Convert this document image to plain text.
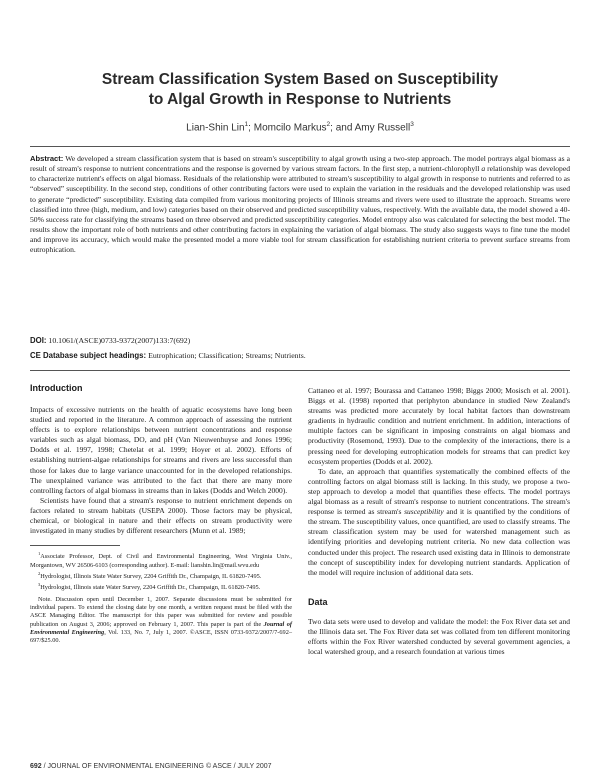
Stream Classification System Based on Susceptibility
to Algal Growth in Response to Nutrients
Lian-Shin Lin$^1$; Momcilo Markus$^2$; and Amy Russell$^3$

Abstract: We developed a stream classification system that is based on stream's susceptibility to algal growth using a two-step approach. The model portrays algal biomass as a result of stream's response to nutrient concentrations and the response is governed by various stream factors. In the first step, a nutrient-chlorophyll a relationship was developed to characterize nutrient's effects on algal biomass. Residuals of the relationship were attributed to stream's susceptibility to algal growth in response to nutrients and referred to as “observed” susceptibility. In the second step, conditions of other contributing factors were used to explain the variation in the residuals and the developed relationship was used to generate “predicted” susceptibility. Existing data compiled from various monitoring projects of Illinois streams and rivers were used to illustrate the approach. Streams were classified into three (high, medium, and low) categories based on their observed and predicted susceptibility values, respectively. With the available data, the model showed a 40-50% success rate for classifying the streams based on three observed and predicted susceptibility categories. Model entropy also was calculated for selecting the best model. The results show the important role of both nutrients and other contributing factors in explaining the variation of algal biomass. The study also suggests ways to fine tune the model and improve its accuracy, which would make the presented model a more viable tool for stream classification for establishing nutrient criteria to prevent surface streams from eutrophication.

DOI: 10.1061/(ASCE)0733-9372(2007)133:7(692)

CE Database subject headings: Eutrophication; Classification; Streams; Nutrients.

Introduction

Impacts of excessive nutrients on the health of aquatic ecosystems have long been studied and reported in the literature. A common approach of assessing the nutrient effects is to explore relationships between nutrient concentrations and response variables such as algal biomass, DO, and pH (Van Nieuwenhuyse and Jones 1996; Dodds et al. 1997, 1998; Chetelat et al. 1999; Hoyer et al. 2002). Efforts of establishing nutrient-algae relationships for streams and rivers are less successful than those for lakes due to large variance unaccounted for in the developed relationships. The unexplained variance was attributed to the fact that there are many more controlling factors of algal biomass in streams than in lakes (Dodds and Welch 2000).

Scientists have found that a stream's response to nutrient enrichment depends on factors related to stream habitats (USEPA 2000). Those factors may be physical, chemical, or biological in nature and their effects on stream productivity were investigated in many studies by different researchers (Munn et al. 1989;

$^1$Associate Professor, Dept. of Civil and Environmental Engineering, West Virginia Univ., Morgantown, WV 26506-6103 (corresponding author). E-mail: lianshin.lin@mail.wvu.edu

$^2$Hydrologist, Illinois State Water Survey, 2204 Griffith Dr., Champaign, IL 61820-7495.

$^3$Hydrologist, Illinois state Water Survey, 2204 Griffith Dr., Champaign, IL 61820-7495.

Note. Discussion open until December 1, 2007. Separate discussions must be submitted for individual papers. To extend the closing date by one month, a written request must be filed with the ASCE Managing Editor. The manuscript for this paper was submitted for review and possible publication on August 3, 2006; approved on February 1, 2007. This paper is part of the Journal of Environmental Engineering, Vol. 133, No. 7, July 1, 2007. ©ASCE, ISSN 0733-9372/2007/7-692–697/$25.00.

Cattaneo et al. 1997; Bourassa and Cattaneo 1998; Biggs 2000; Mosisch et al. 2001). Biggs et al. (1998) reported that periphyton abundance in studied New Zealand's streams was predicted more accurately by local habitat factors than downstream gradients in hydraulic condition and nutrient enrichment. In addition, interactions of multiple factors can be significant in imposing constraints on algal biomass and productivity (Rosemond, 1993). Due to the complexity of the interactions, there is a pressing need for developing eutrophication models for streams that can predict key ecosystem properties (Dodds et al. 2002).

To date, an approach that quantifies systematically the combined effects of the controlling factors on algal biomass still is lacking. In this study, we propose a two-step approach to develop a model that quantifies these effects. The model portrays algal biomass as a result of stream's response to nutrient concentrations. The stream's response is termed as stream's susceptibility and it is quantified by the conditions of the stream. The susceptibility values, once quantified, are used to classify streams. The stream classification system may be used for watershed management such as identifying priorities and developing nutrient criteria. No new data collection was conducted under this project. The research used existing data in Illinois to demonstrate the concept of susceptibility index for developing nutrient standards. Application of the model will require inclusion of additional data sets.

Data

Two data sets were used to develop and validate the model: the Fox River data set and the Illinois data set. The Fox River data set was collated from ten different monitoring efforts within the Fox River watershed conducted by several government agencies, a local watershed group, and a research foundation at various times

692 / JOURNAL OF ENVIRONMENTAL ENGINEERING © ASCE / JULY 2007
